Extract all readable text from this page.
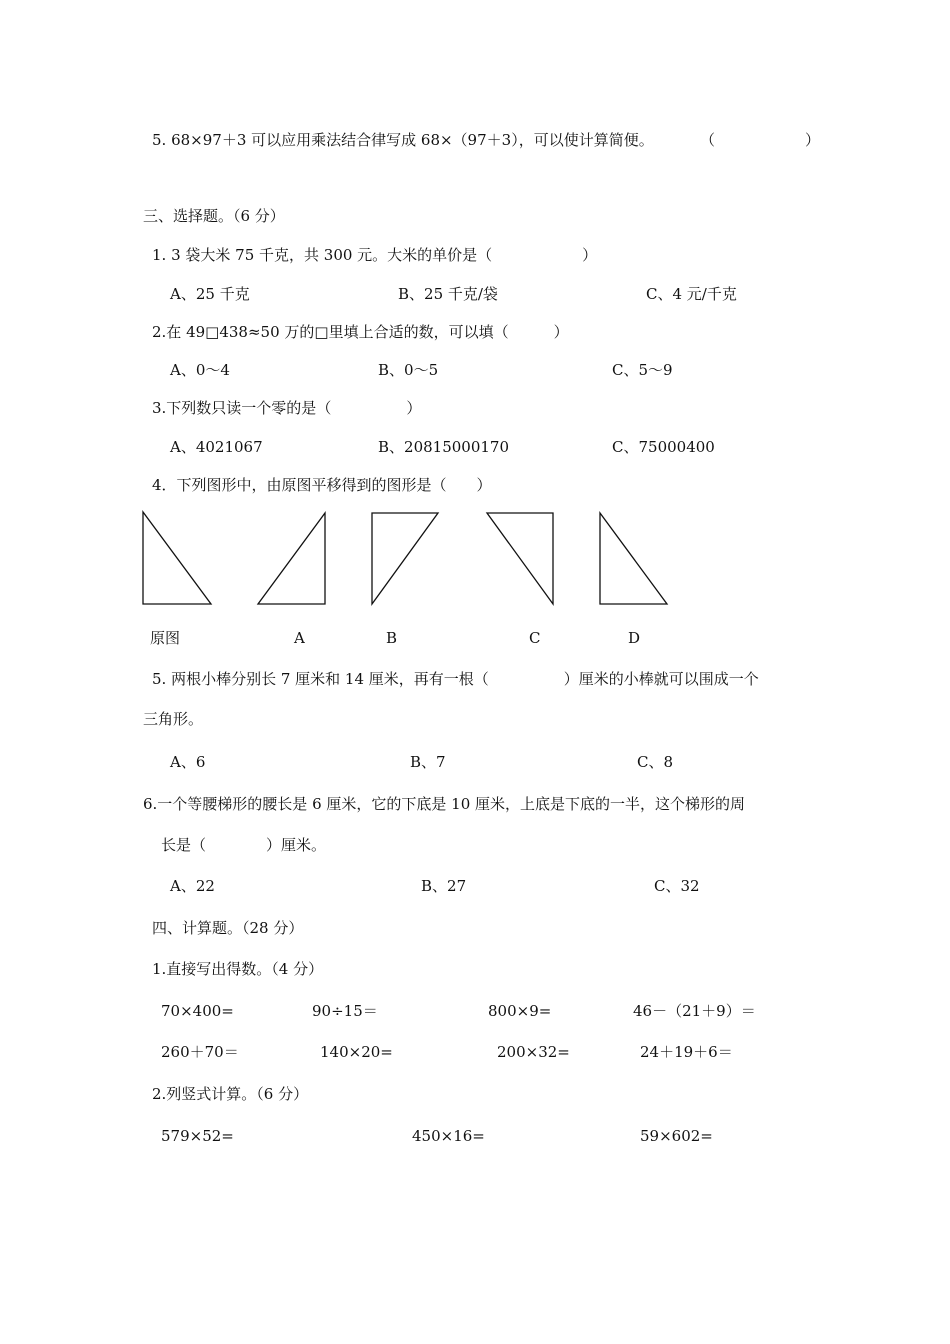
5. 68×97＋3 可以应用乘法结合律写成 68×（97＋3），可以使计算简便。	（　　　　　　）
三、选择题。（6 分）
1. 3 袋大米 75 千克，共 300 元。大米的单价是（　　　　　　）
A、25 千克	B、25 千克/袋	C、4 元/千克
2.在 49□438≈50 万的□里填上合适的数，可以填（　　　）
A、0～4	B、0～5	C、5～9
3.下列数只读一个零的是（　　　　　）
A、4021067	B、20815000170	C、75000400
4．下列图形中，由原图平移得到的图形是（　　）
原图	A	B	C	D
5. 两根小棒分别长 7 厘米和 14 厘米，再有一根（　　　　　）厘米的小棒就可以围成一个
三角形。
A、6	B、7	C、8
6.一个等腰梯形的腰长是 6 厘米，它的下底是 10 厘米，上底是下底的一半，这个梯形的周
长是（　　　　）厘米。
A、22	B、27	C、32
四、计算题。（28 分）
1.直接写出得数。（4 分）
70×400=	90÷15＝	800×9=	46－（21＋9）＝
260＋70＝	140×20=	200×32=	24＋19＋6＝
2.列竖式计算。（6 分）
579×52=	450×16=	59×602=
